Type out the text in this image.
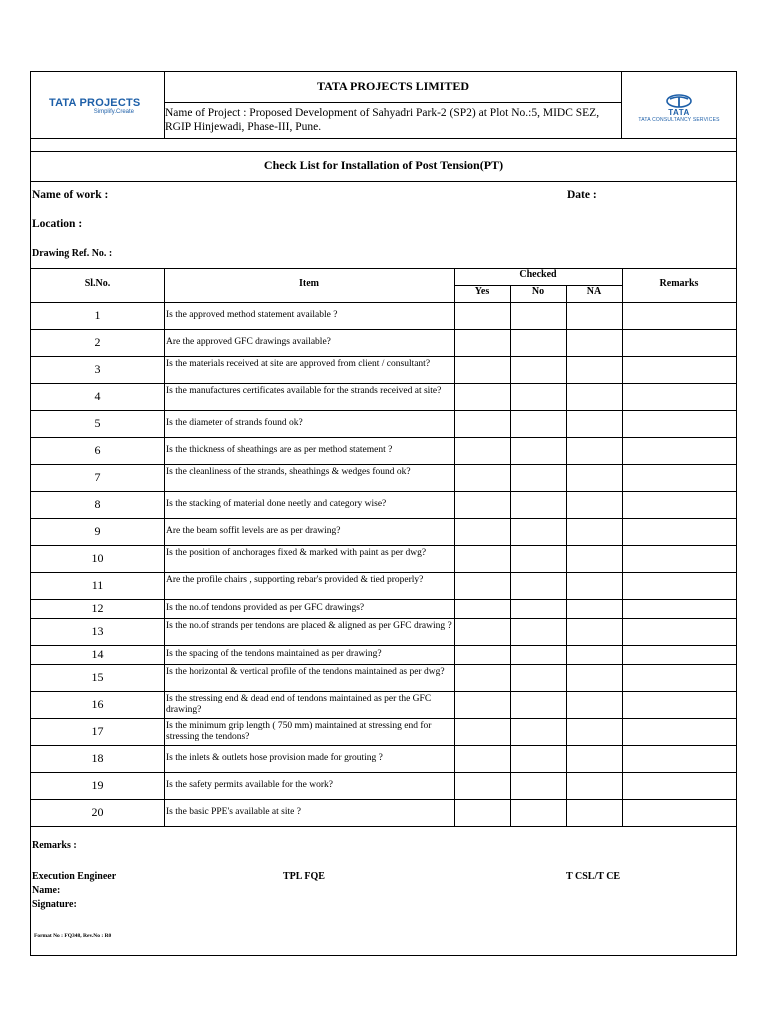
TATA PROJECTS
Simplify.Create
TATA PROJECTS LIMITED
Name of Project : Proposed Development of Sahyadri Park-2 (SP2) at Plot No.:5, MIDC SEZ, RGIP Hinjewadi, Phase-III, Pune.
TATA
TATA CONSULTANCY SERVICES
Check List for Installation of Post Tension(PT)
Name of work :	Date :
Location :
Drawing Ref. No. :
Sl.No.	Item
Checked
Yes	No	NA
Remarks
1	Is the approved method statement available ?
2	Are the approved GFC drawings available?
3	Is the materials received at site are approved from client / consultant?
4	Is the manufactures certificates available for the strands received at site?
5	Is the diameter of strands found ok?
6	Is the thickness of sheathings are as per method statement ?
7	Is the cleanliness of the strands, sheathings & wedges found ok?
8	Is the stacking of material done neetly and category wise?
9	Are the beam soffit levels are as per drawing?
10	Is the position of anchorages fixed & marked with paint as per dwg?
11	Are the profile chairs , supporting rebar's provided & tied properly?
12	Is the no.of tendons provided as per GFC drawings?
13	Is the no.of strands per tendons are placed & aligned as per GFC drawing ?
14	Is the spacing of the tendons maintained as per drawing?
15	Is the horizontal & vertical profile of the tendons maintained as per dwg?
16	Is the stressing end & dead end of tendons maintained as per the GFC drawing?
17	Is the minimum grip length ( 750 mm) maintained at stressing end for stressing the tendons?
18	Is the inlets & outlets hose provision made for grouting ?
19	Is the safety permits available for the work?
20	Is the basic PPE's available at site ?
Remarks :
Execution Engineer
Name:
Signature:
TPL FQE	T CSL/T CE
Format No : FQ348, Rev.No : R0
